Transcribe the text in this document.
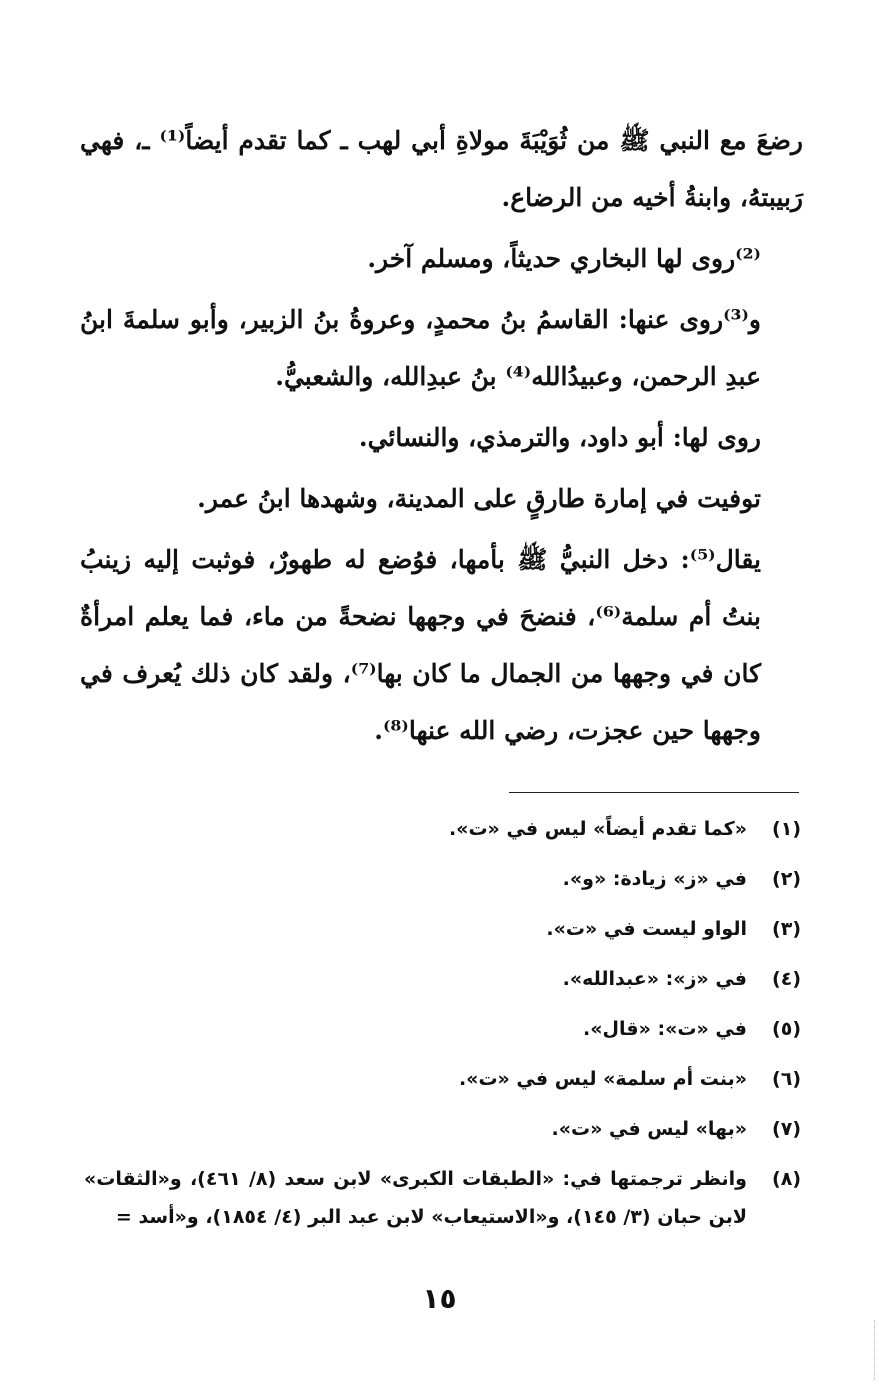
رضعَ مع النبي ﷺ من ثُوَيْبَةَ مولاةِ أبي لهب ـ كما تقدم أيضاً⁽¹⁾ ـ، فهي رَبيبتهُ، وابنةُ أخيه من الرضاع.

⁽²⁾روى لها البخاري حديثاً، ومسلم آخر.

و⁽³⁾روى عنها: القاسمُ بنُ محمدٍ، وعروةُ بنُ الزبير، وأبو سلمةَ ابنُ عبدِ الرحمن، وعبيدُالله⁽⁴⁾ بنُ عبدِالله، والشعبيُّ.

روى لها: أبو داود، والترمذي، والنسائي.

توفيت في إمارة طارقٍ على المدينة، وشهدها ابنُ عمر.

يقال⁽⁵⁾: دخل النبيُّ ﷺ بأمها، فوُضع له طهورٌ، فوثبت إليه زينبُ بنتُ أم سلمة⁽⁶⁾، فنضحَ في وجهها نضحةً من ماء، فما يعلم امرأةٌ كان في وجهها من الجمال ما كان بها⁽⁷⁾، ولقد كان ذلك يُعرف في وجهها حين عجزت، رضي الله عنها⁽⁸⁾.

(١)
«كما تقدم أيضاً» ليس في «ت».
(٢)
في «ز» زيادة: «و».
(٣)
الواو ليست في «ت».
(٤)
في «ز»: «عبدالله».
(٥)
في «ت»: «قال».
(٦)
«بنت أم سلمة» ليس في «ت».
(٧)
«بها» ليس في «ت».
(٨)
وانظر ترجمتها في: «الطبقات الكبرى» لابن سعد (٨/ ٤٦١)، و«الثقات» لابن حبان (٣/ ١٤٥)، و«الاستيعاب» لابن عبد البر (٤/ ١٨٥٤)، و«أسد =
١٥
